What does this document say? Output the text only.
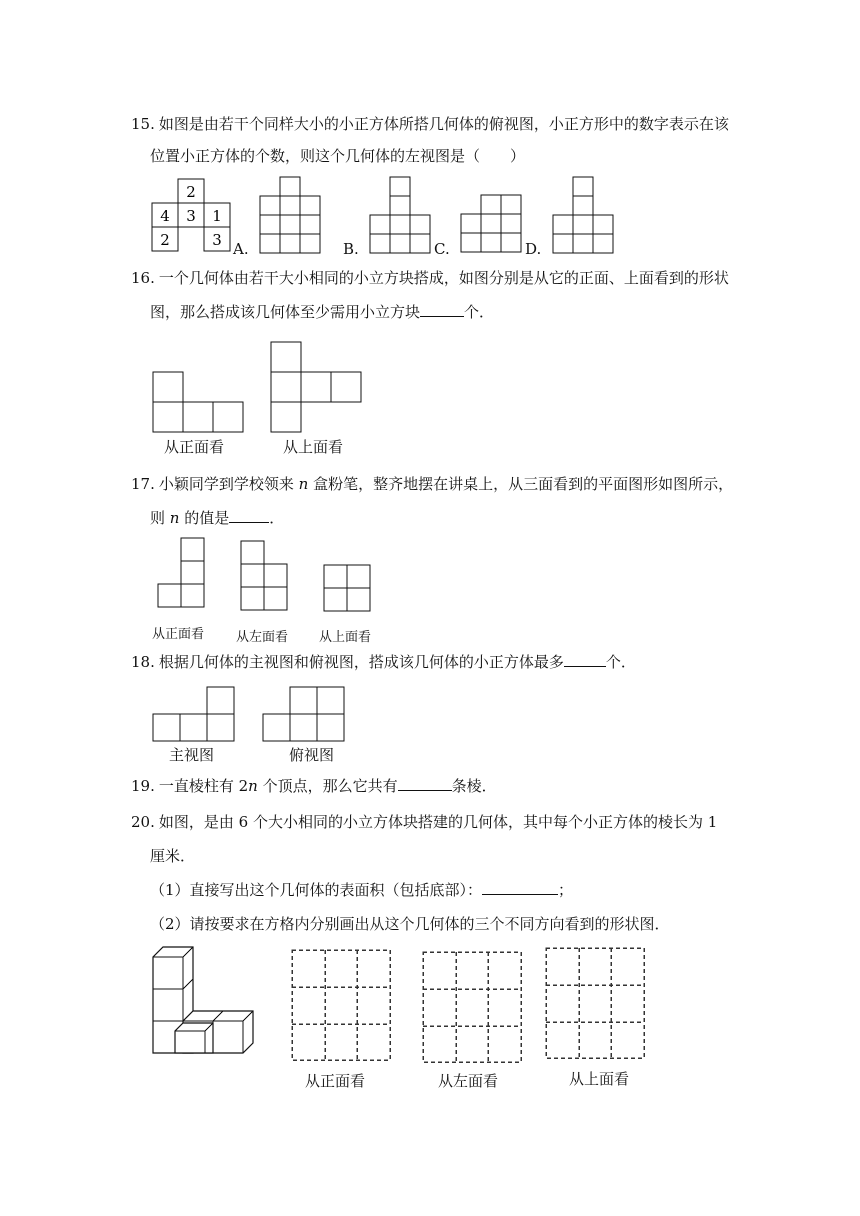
15. 如图是由若干个同样大小的小正方体所搭几何体的俯视图，小正方形中的数字表示在该
位置小正方体的个数，则这个几何体的左视图是（　　）
2
4 3 1
2	3 A.	B.	C.	D.
16. 一个几何体由若干大小相同的小立方块搭成，如图分别是从它的正面、上面看到的形状
图，那么搭成该几何体至少需用小立方块	个．
从正面看	从上面看
17. 小颖同学到学校领来 n 盒粉笔，整齐地摆在讲桌上，从三面看到的平面图形如图所示，
则 n 的值是	．
从正面看 从左面看 从上面看
18. 根据几何体的主视图和俯视图，搭成该几何体的小正方体最多	个．
主视图	俯视图
19. 一直棱柱有 2n 个顶点，那么它共有	条棱．
20. 如图，是由 6 个大小相同的小立方体块搭建的几何体，其中每个小正方体的棱长为 1
厘米．
（1）直接写出这个几何体的表面积（包括底部）：	；
（2）请按要求在方格内分别画出从这个几何体的三个不同方向看到的形状图．
从正面看	从左面看	从上面看
